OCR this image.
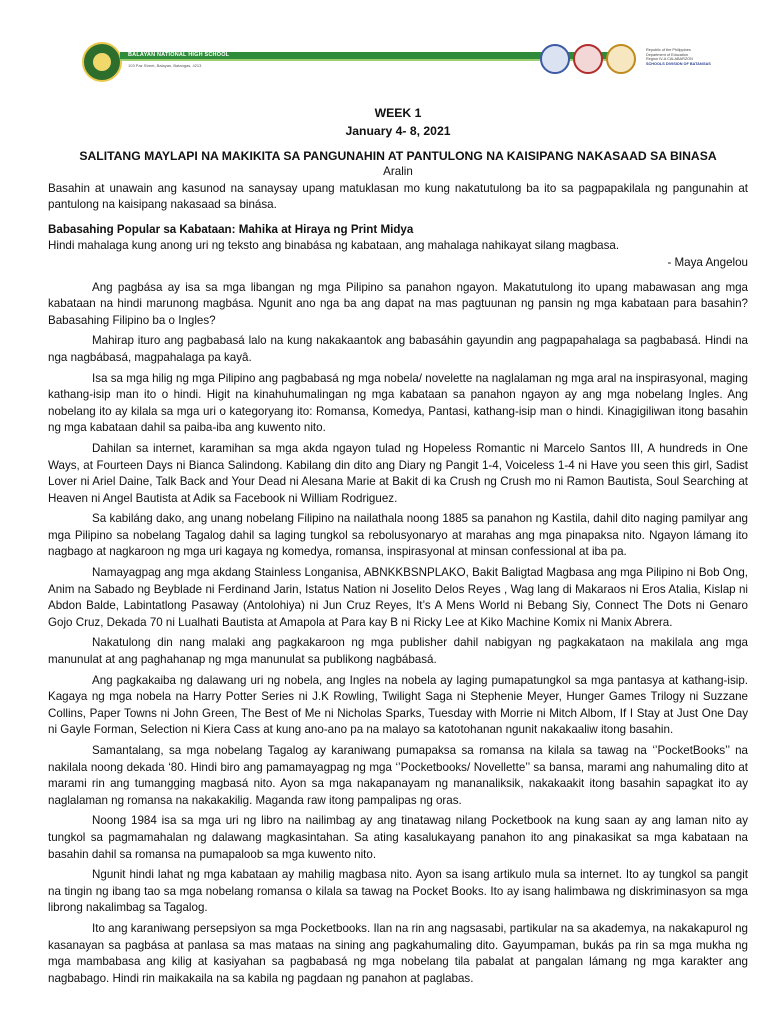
BALAYAN NATIONAL HIGH SCHOOL
103 Paz Street, Balayan, Batangas, 4213
Republic of the Philippines
Department of Education
Region IV-A CALABARZON
SCHOOLS DIVISION OF BATANGAS
WEEK 1
January 4- 8, 2021
SALITANG MAYLAPI NA MAKIKITA SA PANGUNAHIN AT PANTULONG NA KAISIPANG NAKASAAD SA BINASA
Aralin

Basahin at unawain ang kasunod na sanaysay upang matuklasan mo kung nakatutulong ba ito sa pagpapakilala ng pangunahin at pantulong na kaisipang nakasaad sa binása.

Babasahing Popular sa Kabataan: Mahika at Hiraya ng Print Midya
Hindi mahalaga kung anong uri ng teksto ang binabása ng kabataan, ang mahalaga nahikayat silang magbasa.
- Maya Angelou

Ang pagbása ay isa sa mga libangan ng mga Pilipino sa panahon ngayon. Makatutulong ito upang mabawasan ang mga kabataan na hindi marunong magbása. Ngunit ano nga ba ang dapat na mas pagtuunan ng pansin ng mga kabataan para basahin? Babasahing Filipino ba o Ingles?

Mahirap ituro ang pagbabasá lalo na kung nakakaantok ang babasáhin gayundin ang pagpapahalaga sa pagbabasá. Hindi na nga nagbábasá, magpahalaga pa kayâ.

Isa sa mga hilig ng mga Pilipino ang pagbabasá ng mga nobela/ novelette na naglalaman ng mga aral na inspirasyonal, maging kathang-isip man ito o hindi. Higit na kinahuhumalingan ng mga kabataan sa panahon ngayon ay ang mga nobelang Ingles. Ang nobelang ito ay kilala sa mga uri o kategoryang ito: Romansa, Komedya, Pantasi, kathang-isip man o hindi. Kinagigiliwan itong basahin ng mga kabataan dahil sa paiba-iba ang kuwento nito.

Dahilan sa internet, karamihan sa mga akda ngayon tulad ng Hopeless Romantic ni Marcelo Santos III, A hundreds in One Ways, at Fourteen Days ni Bianca Salindong. Kabilang din dito ang Diary ng Pangit 1-4, Voiceless 1-4 ni Have you seen this girl, Sadist Lover ni Ariel Daine, Talk Back and Your Dead ni Alesana Marie at Bakit di ka Crush ng Crush mo ni Ramon Bautista, Soul Searching at Heaven ni Angel Bautista at Adik sa Facebook ni William Rodriguez.

Sa kabiláng dako, ang unang nobelang Filipino na nailathala noong 1885 sa panahon ng Kastila, dahil dito naging pamilyar ang mga Pilipino sa nobelang Tagalog dahil sa laging tungkol sa rebolusyonaryo at marahas ang mga pinapaksa nito. Ngayon lámang ito nagbago at nagkaroon ng mga uri kagaya ng komedya, romansa, inspirasyonal at minsan confessional at iba pa.

Namayagpag ang mga akdang Stainless Longanisa, ABNKKBSNPLAKO, Bakit Baligtad Magbasa ang mga Pilipino ni Bob Ong, Anim na Sabado ng Beyblade ni Ferdinand Jarin, Istatus Nation ni Joselito Delos Reyes , Wag lang di Makaraos ni Eros Atalia, Kislap ni Abdon Balde, Labintatlong Pasaway (Antolohiya) ni Jun Cruz Reyes, It’s A Mens World ni Bebang Siy, Connect The Dots ni Genaro Gojo Cruz, Dekada 70 ni Lualhati Bautista at Amapola at Para kay B ni Ricky Lee at Kiko Machine Komix ni Manix Abrera.

Nakatulong din nang malaki ang pagkakaroon ng mga publisher dahil nabigyan ng pagkakataon na makilala ang mga manunulat at ang paghahanap ng mga manunulat sa publikong nagbábasá.

Ang pagkakaiba ng dalawang uri ng nobela, ang Ingles na nobela ay laging pumapatungkol sa mga pantasya at kathang-isip. Kagaya ng mga nobela na Harry Potter Series ni J.K Rowling, Twilight Saga ni Stephenie Meyer, Hunger Games Trilogy ni Suzzane Collins, Paper Towns ni John Green, The Best of Me ni Nicholas Sparks, Tuesday with Morrie ni Mitch Albom, If I Stay at Just One Day ni Gayle Forman, Selection ni Kiera Cass at kung ano-ano pa na malayo sa katotohanan ngunit nakakaaliw itong basahin.

Samantalang, sa mga nobelang Tagalog ay karaniwang pumapaksa sa romansa na kilala sa tawag na ‘’PocketBooks’’ na nakilala noong dekada ‘80. Hindi biro ang pamamayagpag ng mga ‘’Pocketbooks/ Novellette’’ sa bansa, marami ang nahumaling dito at marami rin ang tumangging magbasá nito. Ayon sa mga nakapanayam ng mananaliksik, nakakaakit itong basahin sapagkat ito ay naglalaman ng romansa na nakakakilig. Maganda raw itong pampalipas ng oras.

Noong 1984 isa sa mga uri ng libro na nailimbag ay ang tinatawag nilang Pocketbook na kung saan ay ang laman nito ay tungkol sa pagmamahalan ng dalawang magkasintahan. Sa ating kasalukayang panahon ito ang pinakasikat sa mga kabataan na basahin dahil sa romansa na pumapaloob sa mga kuwento nito.

Ngunit hindi lahat ng mga kabataan ay mahilig magbasa nito. Ayon sa isang artikulo mula sa internet. Ito ay tungkol sa pangit na tingin ng ibang tao sa mga nobelang romansa o kilala sa tawag na Pocket Books. Ito ay isang halimbawa ng diskriminasyon sa mga librong nakalimbag sa Tagalog.

Ito ang karaniwang persepsiyon sa mga Pocketbooks. Ilan na rin ang nagsasabi, partikular na sa akademya, na nakakapurol ng kasanayan sa pagbása at panlasa sa mas mataas na sining ang pagkahumaling dito. Gayumpaman, bukás pa rin sa mga mukha ng mga mambabasa ang kilig at kasiyahan sa pagbabasá ng mga nobelang tila pabalat at pangalan lámang ng mga karakter ang nagbabago. Hindi rin maikakaila na sa kabila ng pagdaan ng panahon at paglabas.
